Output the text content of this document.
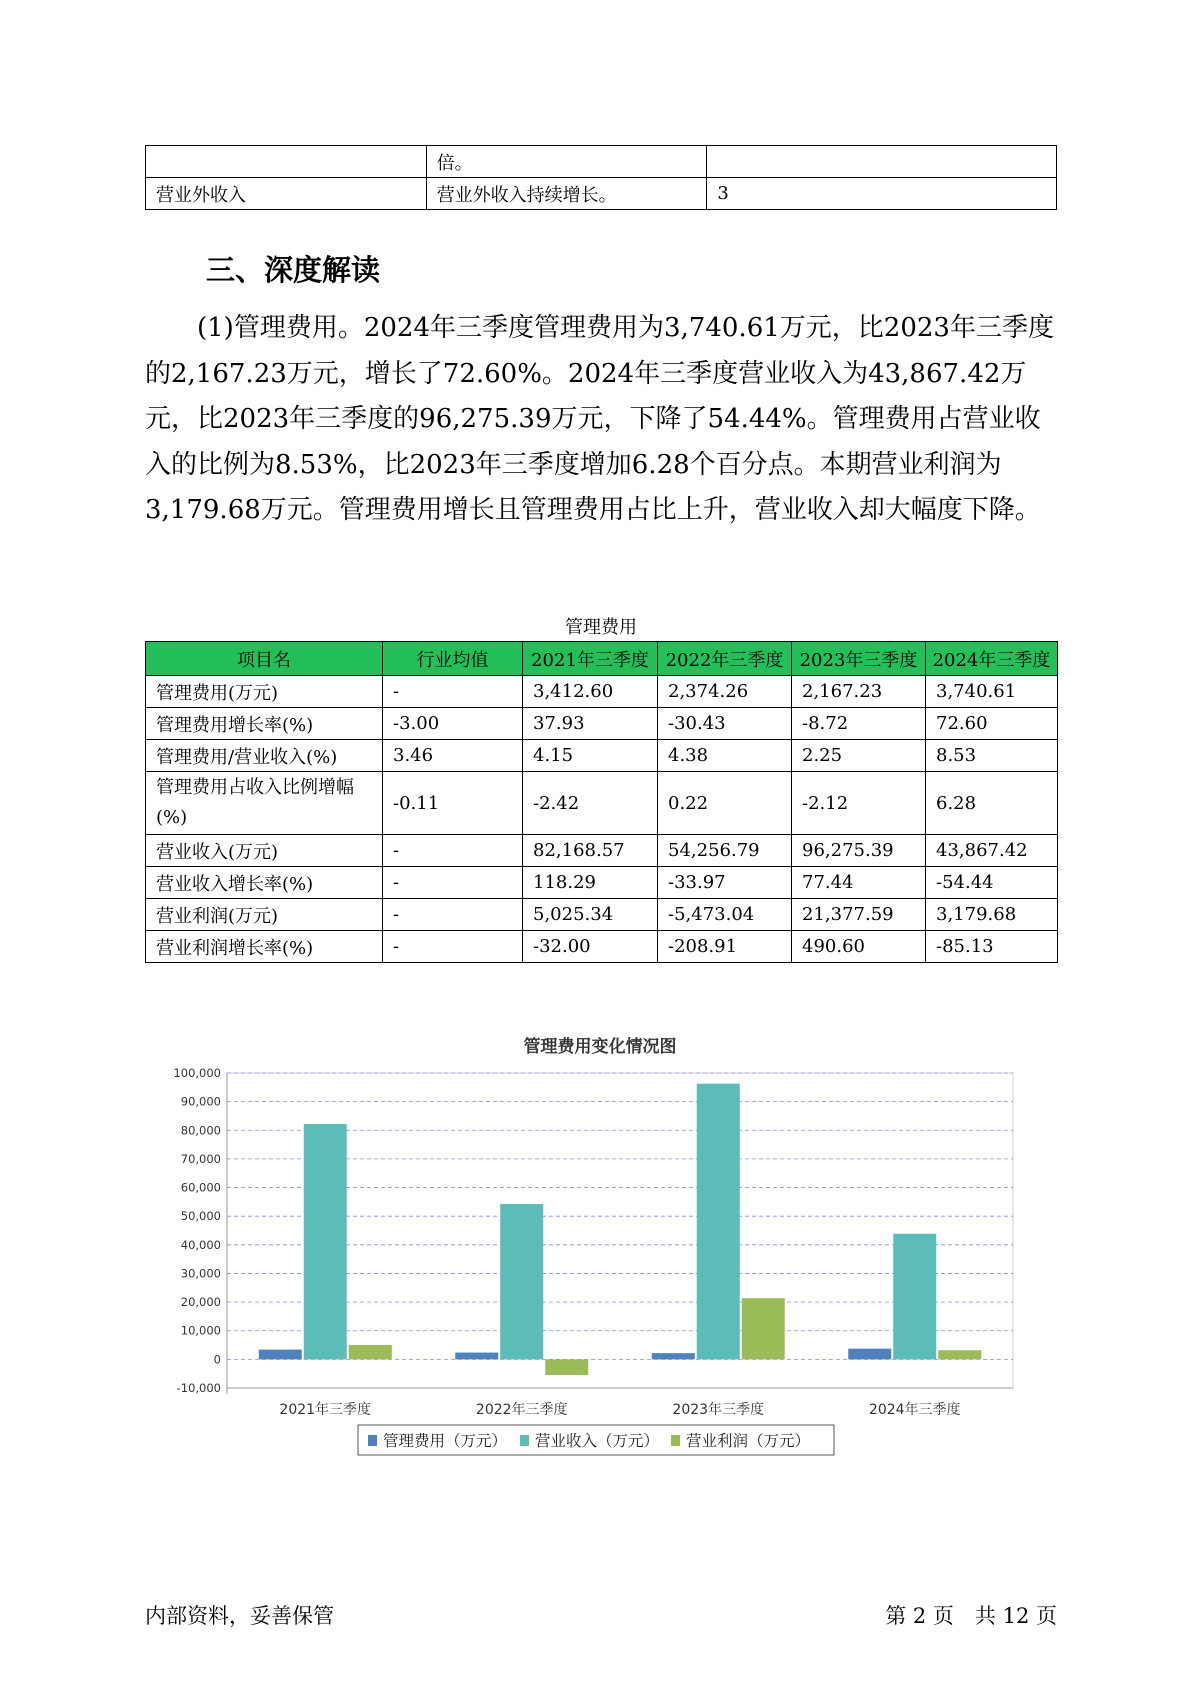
	倍。	
营业外收入	营业外收入持续增长。	3
三、深度解读

(1)管理费用。2024年三季度管理费用为3,740.61万元，比2023年三季度的2,167.23万元，增长了72.60%。2024年三季度营业收入为43,867.42万元，比2023年三季度的96,275.39万元，下降了54.44%。管理费用占营业收入的比例为8.53%，比2023年三季度增加6.28个百分点。本期营业利润为3,179.68万元。管理费用增长且管理费用占比上升，营业收入却大幅度下降。

管理费用
项目名	行业均值	2021年三季度	2022年三季度	2023年三季度	2024年三季度
管理费用(万元)	-	3,412.60	2,374.26	2,167.23	3,740.61
管理费用增长率(%)	-3.00	37.93	-30.43	-8.72	72.60
管理费用/营业收入(%)	3.46	4.15	4.38	2.25	8.53
管理费用占收入比例增幅(%)	-0.11	-2.42	0.22	-2.12	6.28
营业收入(万元)	-	82,168.57	54,256.79	96,275.39	43,867.42
营业收入增长率(%)	-	118.29	-33.97	77.44	-54.44
营业利润(万元)	-	5,025.34	-5,473.04	21,377.59	3,179.68
营业利润增长率(%)	-	-32.00	-208.91	490.60	-85.13
管理费用变化情况图
100,000
90,000
80,000
70,000
60,000
50,000
40,000
30,000
20,000
10,000
0
-10,000
2021年三季度	2022年三季度	2023年三季度	2024年三季度
管理费用（万元） 营业收入（万元） 营业利润（万元）
内部资料，妥善保管	第 2 页　共 12 页
